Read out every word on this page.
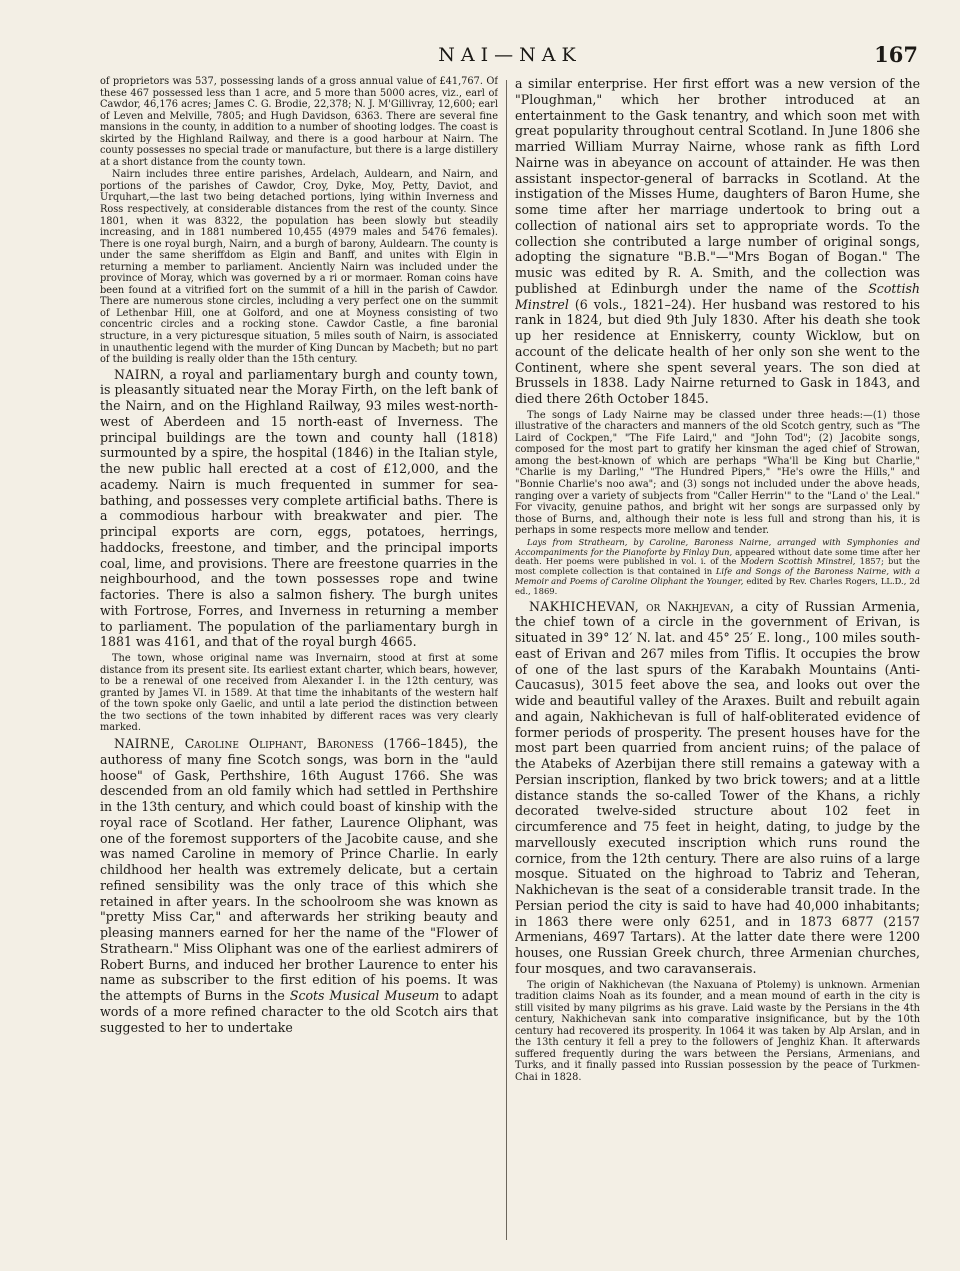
NAI—NAK	167

of proprietors was 537, possessing lands of a gross annual value of £41,767. Of these 467 possessed less than 1 acre, and 5 more than 5000 acres, viz., earl of Cawdor, 46,176 acres; James C. G. Brodie, 22,378; N. J. M'Gillivray, 12,600; earl of Leven and Melville, 7805; and Hugh Davidson, 6363. There are several fine mansions in the county, in addition to a number of shooting lodges. The coast is skirted by the Highland Railway, and there is a good harbour at Nairn. The county possesses no special trade or manufacture, but there is a large distillery at a short distance from the county town.

Nairn includes three entire parishes, Ardelach, Auldearn, and Nairn, and portions of the parishes of Cawdor, Croy, Dyke, Moy, Petty, Daviot, and Urquhart,—the last two being detached portions, lying within Inverness and Ross respectively, at considerable distances from the rest of the county. Since 1801, when it was 8322, the population has been slowly but steadily increasing, and in 1881 numbered 10,455 (4979 males and 5476 females). There is one royal burgh, Nairn, and a burgh of barony, Auldearn. The county is under the same sheriffdom as Elgin and Banff, and unites with Elgin in returning a member to parliament. Anciently Nairn was included under the province of Moray, which was governed by a ri or mormaer. Roman coins have been found at a vitrified fort on the summit of a hill in the parish of Cawdor. There are numerous stone circles, including a very perfect one on the summit of Lethenbar Hill, one at Golford, and one at Moyness consisting of two concentric circles and a rocking stone. Cawdor Castle, a fine baronial structure, in a very picturesque situation, 5 miles south of Nairn, is associated in unauthentic legend with the murder of King Duncan by Macbeth; but no part of the building is really older than the 15th century.

NAIRN, a royal and parliamentary burgh and county town, is pleasantly situated near the Moray Firth, on the left bank of the Nairn, and on the Highland Railway, 93 miles west-north-west of Aberdeen and 15 north-east of Inverness. The principal buildings are the town and county hall (1818) surmounted by a spire, the hospital (1846) in the Italian style, the new public hall erected at a cost of £12,000, and the academy. Nairn is much frequented in summer for sea-bathing, and possesses very complete artificial baths. There is a commodious harbour with breakwater and pier. The principal exports are corn, eggs, potatoes, herrings, haddocks, freestone, and timber, and the principal imports coal, lime, and provisions. There are freestone quarries in the neighbourhood, and the town possesses rope and twine factories. There is also a salmon fishery. The burgh unites with Fortrose, Forres, and Inverness in returning a member to parliament. The population of the parliamentary burgh in 1881 was 4161, and that of the royal burgh 4665.

The town, whose original name was Invernairn, stood at first at some distance from its present site. Its earliest extant charter, which bears, however, to be a renewal of one received from Alexander I. in the 12th century, was granted by James VI. in 1589. At that time the inhabitants of the western half of the town spoke only Gaelic, and until a late period the distinction between the two sections of the town inhabited by different races was very clearly marked.

NAIRNE, Caroline Oliphant, Baroness (1766–1845), the authoress of many fine Scotch songs, was born in the "auld hoose" of Gask, Perthshire, 16th August 1766. She was descended from an old family which had settled in Perthshire in the 13th century, and which could boast of kinship with the royal race of Scotland. Her father, Laurence Oliphant, was one of the foremost supporters of the Jacobite cause, and she was named Caroline in memory of Prince Charlie. In early childhood her health was extremely delicate, but a certain refined sensibility was the only trace of this which she retained in after years. In the schoolroom she was known as "pretty Miss Car," and afterwards her striking beauty and pleasing manners earned for her the name of the "Flower of Strathearn." Miss Oliphant was one of the earliest admirers of Robert Burns, and induced her brother Laurence to enter his name as subscriber to the first edition of his poems. It was the attempts of Burns in the Scots Musical Museum to adapt words of a more refined character to the old Scotch airs that suggested to her to undertake

a similar enterprise. Her first effort was a new version of the "Ploughman," which her brother introduced at an entertainment to the Gask tenantry, and which soon met with great popularity throughout central Scotland. In June 1806 she married William Murray Nairne, whose rank as fifth Lord Nairne was in abeyance on account of attainder. He was then assistant inspector-general of barracks in Scotland. At the instigation of the Misses Hume, daughters of Baron Hume, she some time after her marriage undertook to bring out a collection of national airs set to appropriate words. To the collection she contributed a large number of original songs, adopting the signature "B.B."—"Mrs Bogan of Bogan." The music was edited by R. A. Smith, and the collection was published at Edinburgh under the name of the Scottish Minstrel (6 vols., 1821–24). Her husband was restored to his rank in 1824, but died 9th July 1830. After his death she took up her residence at Enniskerry, county Wicklow, but on account of the delicate health of her only son she went to the Continent, where she spent several years. The son died at Brussels in 1838. Lady Nairne returned to Gask in 1843, and died there 26th October 1845.

The songs of Lady Nairne may be classed under three heads:—(1) those illustrative of the characters and manners of the old Scotch gentry, such as "The Laird of Cockpen," "The Fife Laird," and "John Tod"; (2) Jacobite songs, composed for the most part to gratify her kinsman the aged chief of Strowan, among the best-known of which are perhaps "Wha'll be King but Charlie," "Charlie is my Darling," "The Hundred Pipers," "He's owre the Hills," and "Bonnie Charlie's noo awa"; and (3) songs not included under the above heads, ranging over a variety of subjects from "Caller Herrin'" to the "Land o' the Leal." For vivacity, genuine pathos, and bright wit her songs are surpassed only by those of Burns, and, although their note is less full and strong than his, it is perhaps in some respects more mellow and tender.

Lays from Strathearn, by Caroline, Baroness Nairne, arranged with Symphonies and Accompaniments for the Pianoforte by Finlay Dun, appeared without date some time after her death. Her poems were published in vol. i. of the Modern Scottish Minstrel, 1857; but the most complete collection is that contained in Life and Songs of the Baroness Nairne, with a Memoir and Poems of Caroline Oliphant the Younger, edited by Rev. Charles Rogers, LL.D., 2d ed., 1869.

NAKHICHEVAN, or Nakhjevan, a city of Russian Armenia, the chief town of a circle in the government of Erivan, is situated in 39° 12′ N. lat. and 45° 25′ E. long., 100 miles south-east of Erivan and 267 miles from Tiflis. It occupies the brow of one of the last spurs of the Karabakh Mountains (Anti-Caucasus), 3015 feet above the sea, and looks out over the wide and beautiful valley of the Araxes. Built and rebuilt again and again, Nakhichevan is full of half-obliterated evidence of former periods of prosperity. The present houses have for the most part been quarried from ancient ruins; of the palace of the Atabeks of Azerbijan there still remains a gateway with a Persian inscription, flanked by two brick towers; and at a little distance stands the so-called Tower of the Khans, a richly decorated twelve-sided structure about 102 feet in circumference and 75 feet in height, dating, to judge by the marvellously executed inscription which runs round the cornice, from the 12th century. There are also ruins of a large mosque. Situated on the highroad to Tabriz and Teheran, Nakhichevan is the seat of a considerable transit trade. In the Persian period the city is said to have had 40,000 inhabitants; in 1863 there were only 6251, and in 1873 6877 (2157 Armenians, 4697 Tartars). At the latter date there were 1200 houses, one Russian Greek church, three Armenian churches, four mosques, and two caravanserais.

The origin of Nakhichevan (the Naxuana of Ptolemy) is unknown. Armenian tradition claims Noah as its founder, and a mean mound of earth in the city is still visited by many pilgrims as his grave. Laid waste by the Persians in the 4th century, Nakhichevan sank into comparative insignificance, but by the 10th century had recovered its prosperity. In 1064 it was taken by Alp Arslan, and in the 13th century it fell a prey to the followers of Jenghiz Khan. It afterwards suffered frequently during the wars between the Persians, Armenians, and Turks, and it finally passed into Russian possession by the peace of Turkmen-Chai in 1828.
